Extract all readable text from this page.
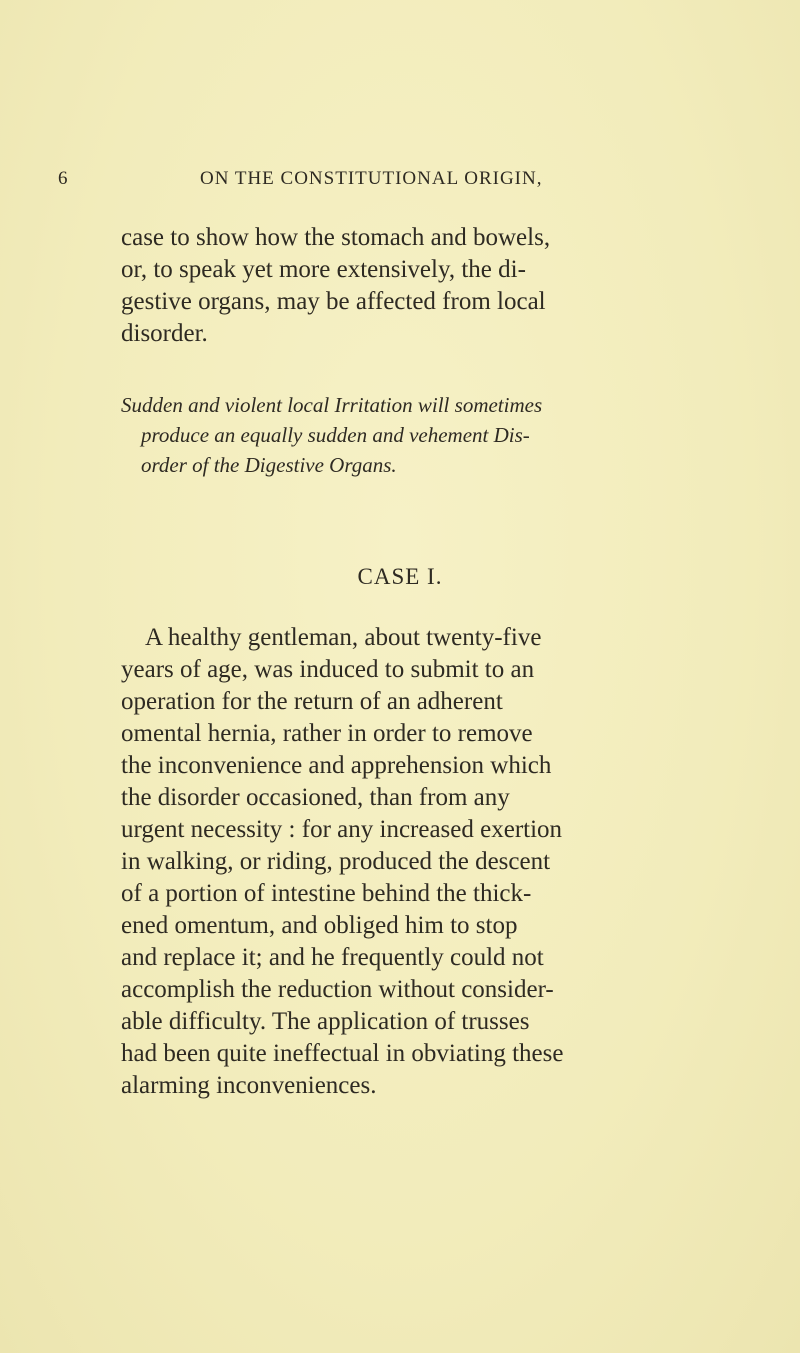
6	ON THE CONSTITUTIONAL ORIGIN,

case to show how the stomach and bowels,
or, to speak yet more extensively, the di-
gestive organs, may be affected from local
disorder.

Sudden and violent local Irritation will sometimes
produce an equally sudden and vehement Dis-
order of the Digestive Organs.

CASE I.

A healthy gentleman, about twenty-five
years of age, was induced to submit to an
operation for the return of an adherent
omental hernia, rather in order to remove
the inconvenience and apprehension which
the disorder occasioned, than from any
urgent necessity : for any increased exertion
in walking, or riding, produced the descent
of a portion of intestine behind the thick-
ened omentum, and obliged him to stop
and replace it; and he frequently could not
accomplish the reduction without consider-
able difficulty. The application of trusses
had been quite ineffectual in obviating these
alarming inconveniences.
